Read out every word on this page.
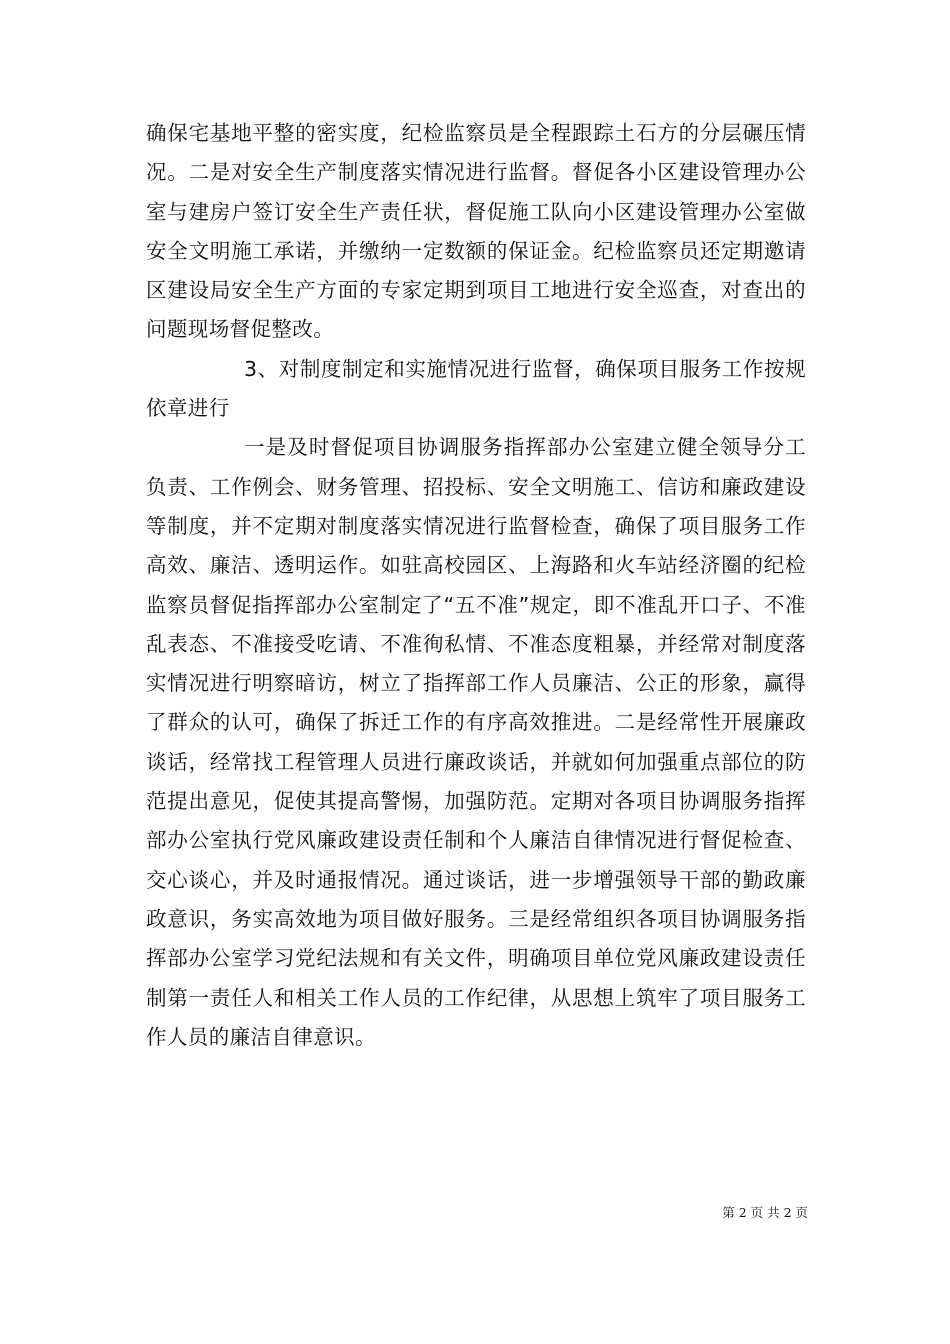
确保宅基地平整的密实度，纪检监察员是全程跟踪土石方的分层碾压情况。二是对安全生产制度落实情况进行监督。督促各小区建设管理办公室与建房户签订安全生产责任状，督促施工队向小区建设管理办公室做安全文明施工承诺，并缴纳一定数额的保证金。纪检监察员还定期邀请区建设局安全生产方面的专家定期到项目工地进行安全巡查，对查出的问题现场督促整改。

3、对制度制定和实施情况进行监督，确保项目服务工作按规依章进行

一是及时督促项目协调服务指挥部办公室建立健全领导分工负责、工作例会、财务管理、招投标、安全文明施工、信访和廉政建设等制度，并不定期对制度落实情况进行监督检查，确保了项目服务工作高效、廉洁、透明运作。如驻高校园区、上海路和火车站经济圈的纪检监察员督促指挥部办公室制定了“五不准”规定，即不准乱开口子、不准乱表态、不准接受吃请、不准徇私情、不准态度粗暴，并经常对制度落实情况进行明察暗访，树立了指挥部工作人员廉洁、公正的形象，赢得了群众的认可，确保了拆迁工作的有序高效推进。二是经常性开展廉政谈话，经常找工程管理人员进行廉政谈话，并就如何加强重点部位的防范提出意见，促使其提高警惕，加强防范。定期对各项目协调服务指挥部办公室执行党风廉政建设责任制和个人廉洁自律情况进行督促检查、交心谈心，并及时通报情况。通过谈话，进一步增强领导干部的勤政廉政意识，务实高效地为项目做好服务。三是经常组织各项目协调服务指挥部办公室学习党纪法规和有关文件，明确项目单位党风廉政建设责任制第一责任人和相关工作人员的工作纪律，从思想上筑牢了项目服务工作人员的廉洁自律意识。

第 2 页 共 2 页
